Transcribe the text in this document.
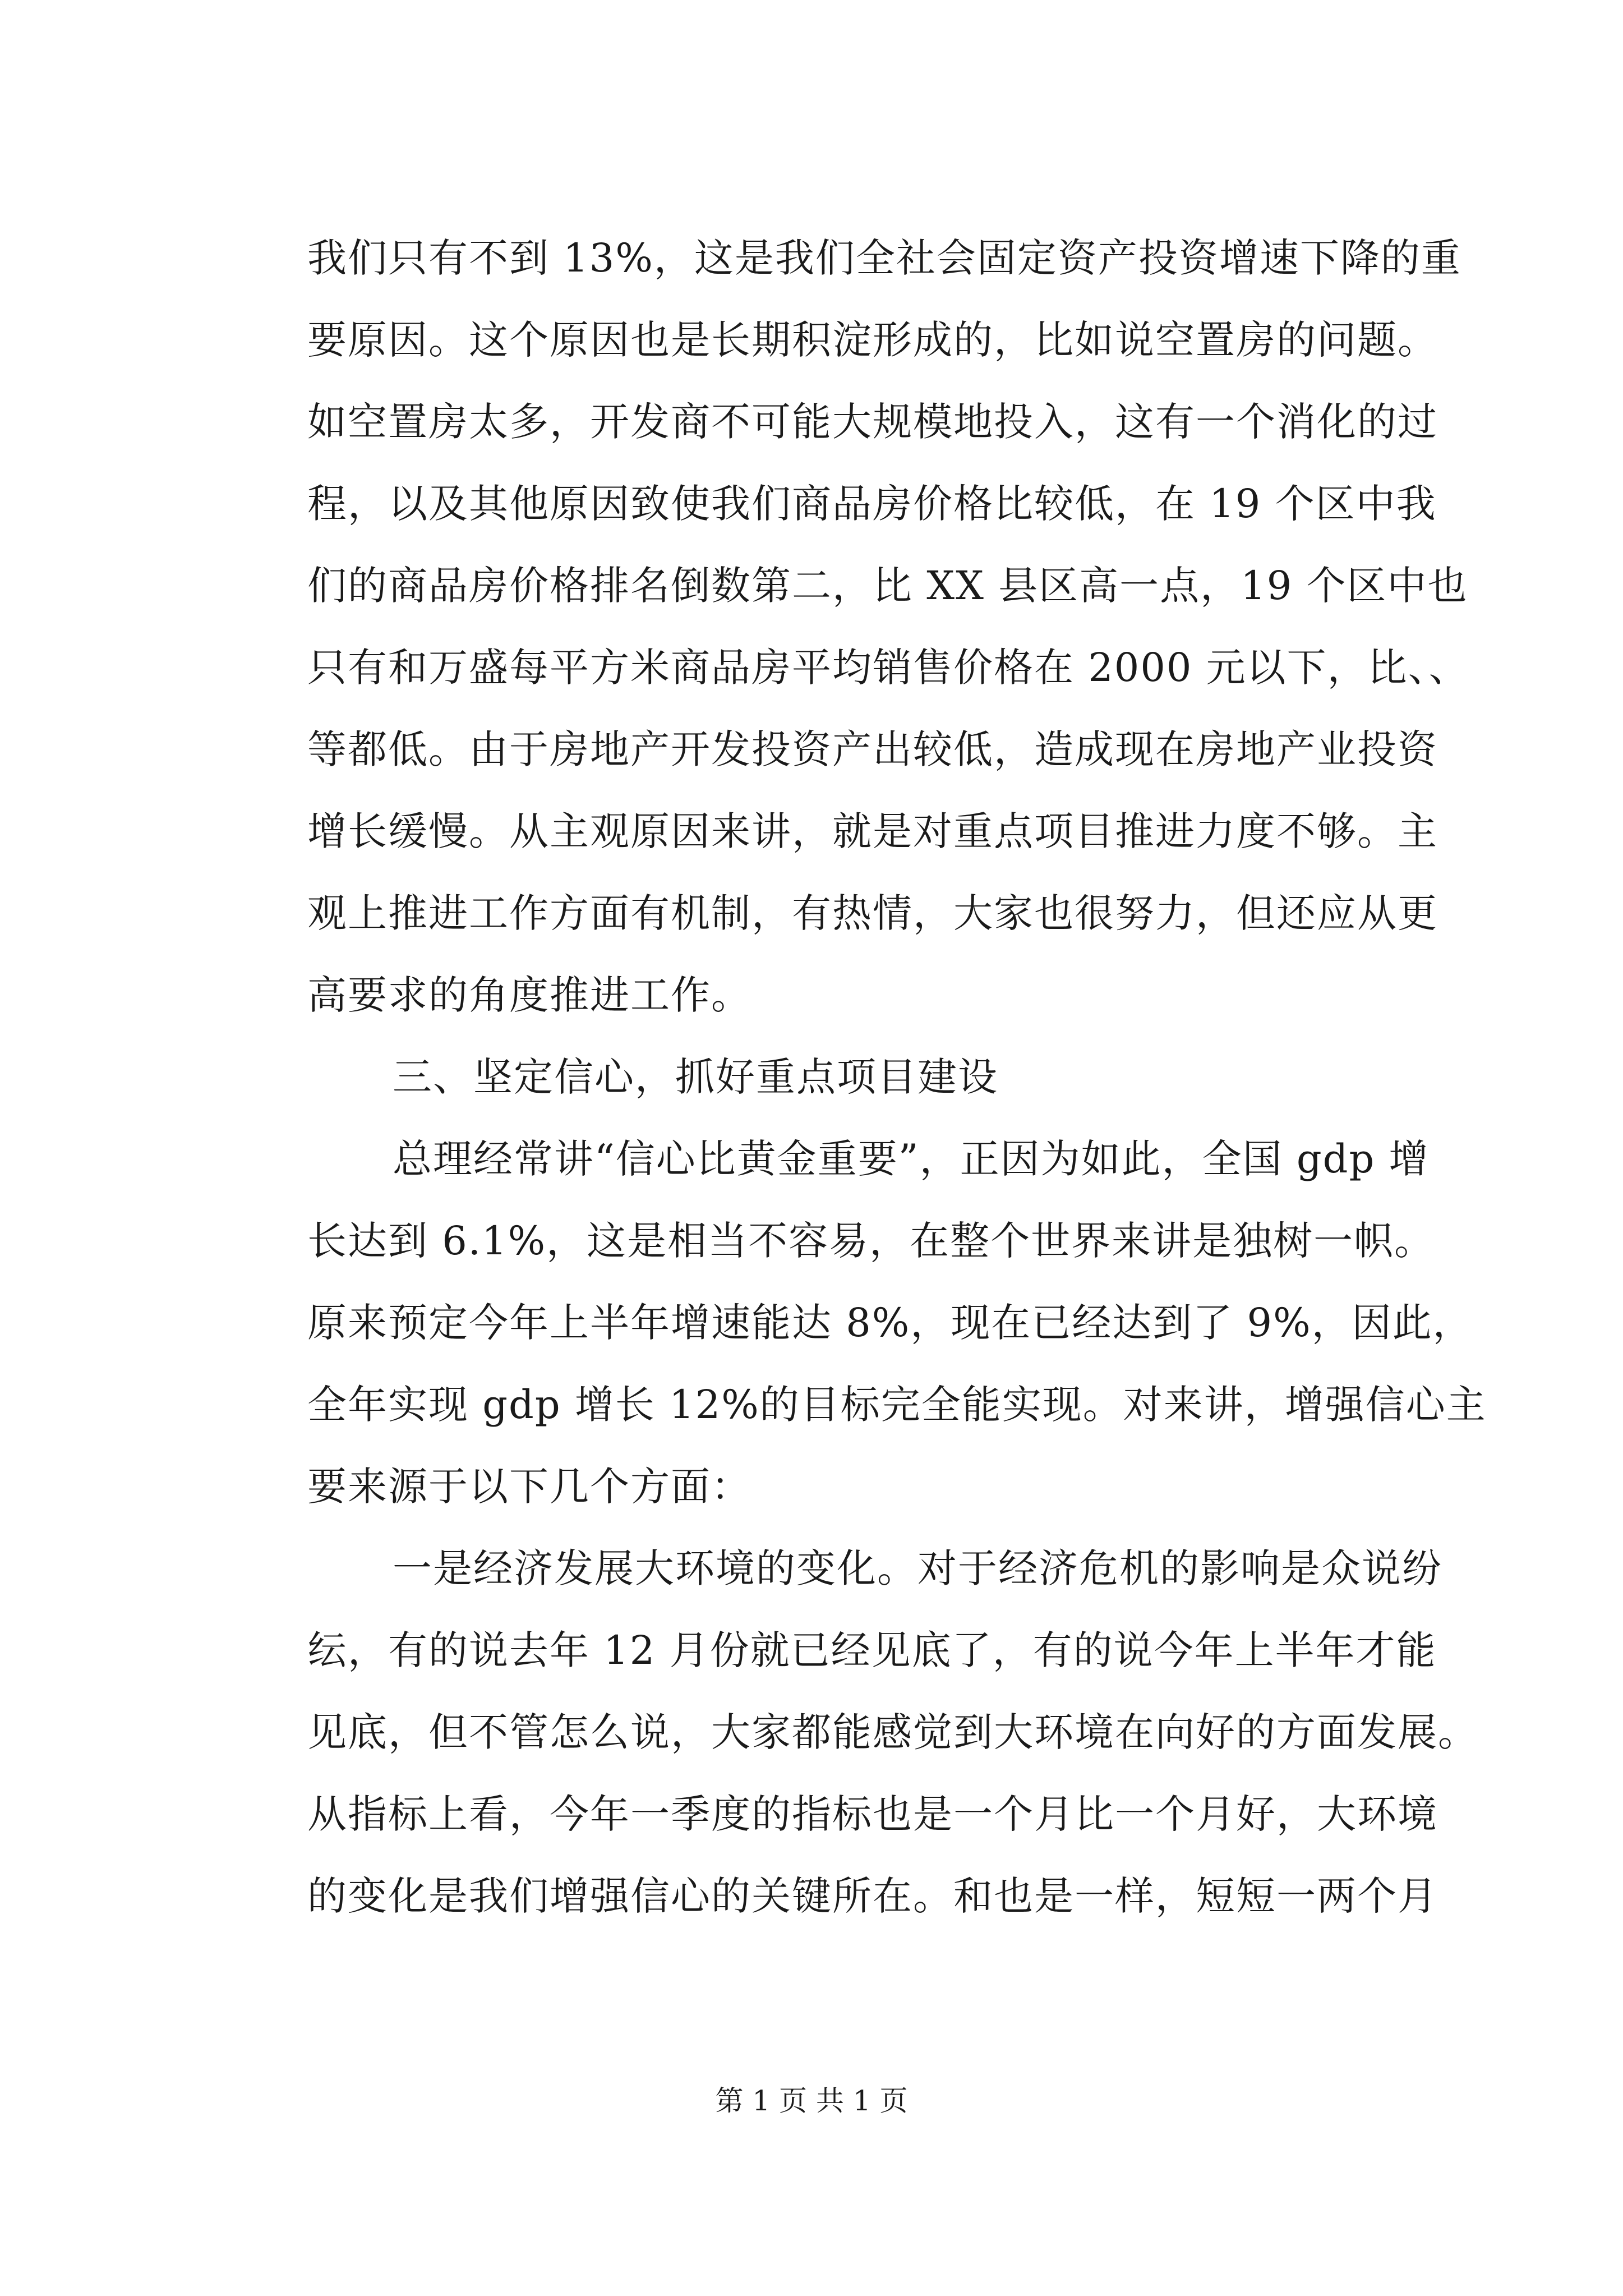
我们只有不到 13%，这是我们全社会固定资产投资增速下降的重
要原因。这个原因也是长期积淀形成的，比如说空置房的问题。
如空置房太多，开发商不可能大规模地投入，这有一个消化的过
程，以及其他原因致使我们商品房价格比较低，在 19 个区中我
们的商品房价格排名倒数第二，比 XX 县区高一点，19 个区中也
只有和万盛每平方米商品房平均销售价格在 2000 元以下，比、、
等都低。由于房地产开发投资产出较低，造成现在房地产业投资
增长缓慢。从主观原因来讲，就是对重点项目推进力度不够。主
观上推进工作方面有机制，有热情，大家也很努力，但还应从更
高要求的角度推进工作。
三、坚定信心，抓好重点项目建设
总理经常讲“信心比黄金重要”，正因为如此，全国 gdp 增
长达到 6.1%，这是相当不容易，在整个世界来讲是独树一帜。
原来预定今年上半年增速能达 8%，现在已经达到了 9%，因此，
全年实现 gdp 增长 12%的目标完全能实现。对来讲，增强信心主
要来源于以下几个方面：
一是经济发展大环境的变化。对于经济危机的影响是众说纷
纭，有的说去年 12 月份就已经见底了，有的说今年上半年才能
见底，但不管怎么说，大家都能感觉到大环境在向好的方面发展。
从指标上看，今年一季度的指标也是一个月比一个月好，大环境
的变化是我们增强信心的关键所在。和也是一样，短短一两个月
第 1 页 共 1 页
